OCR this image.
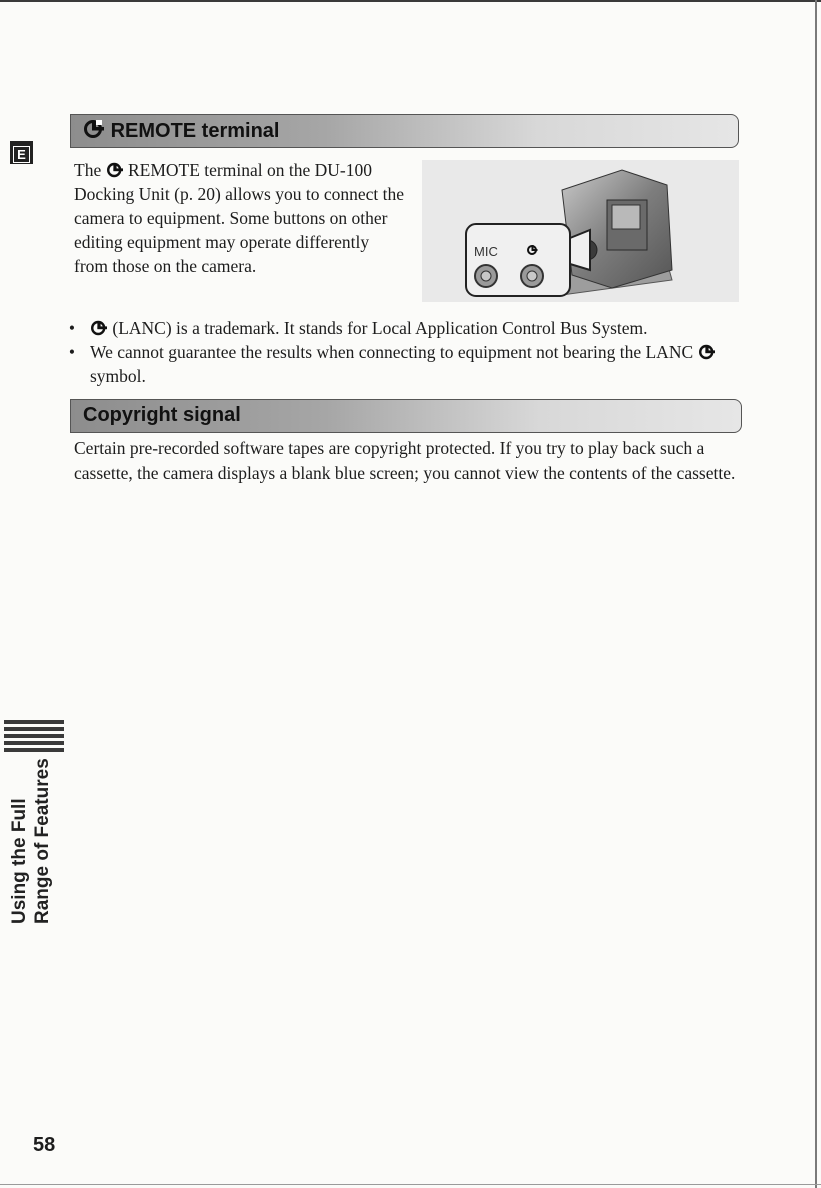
E
REMOTE terminal
The REMOTE terminal on the DU-100 Docking Unit (p. 20) allows you to connect the camera to equipment. Some buttons on other editing equipment may operate differently from those on the camera.
MIC
• (LANC) is a trademark. It stands for Local Application Control Bus System.
• We cannot guarantee the results when connecting to equipment not bearing the LANC
symbol.
Copyright signal
Certain pre-recorded software tapes are copyright protected. If you try to play back such a cassette, the camera displays a blank blue screen; you cannot view the contents of the cassette.
Using the Full Range of Features
58
